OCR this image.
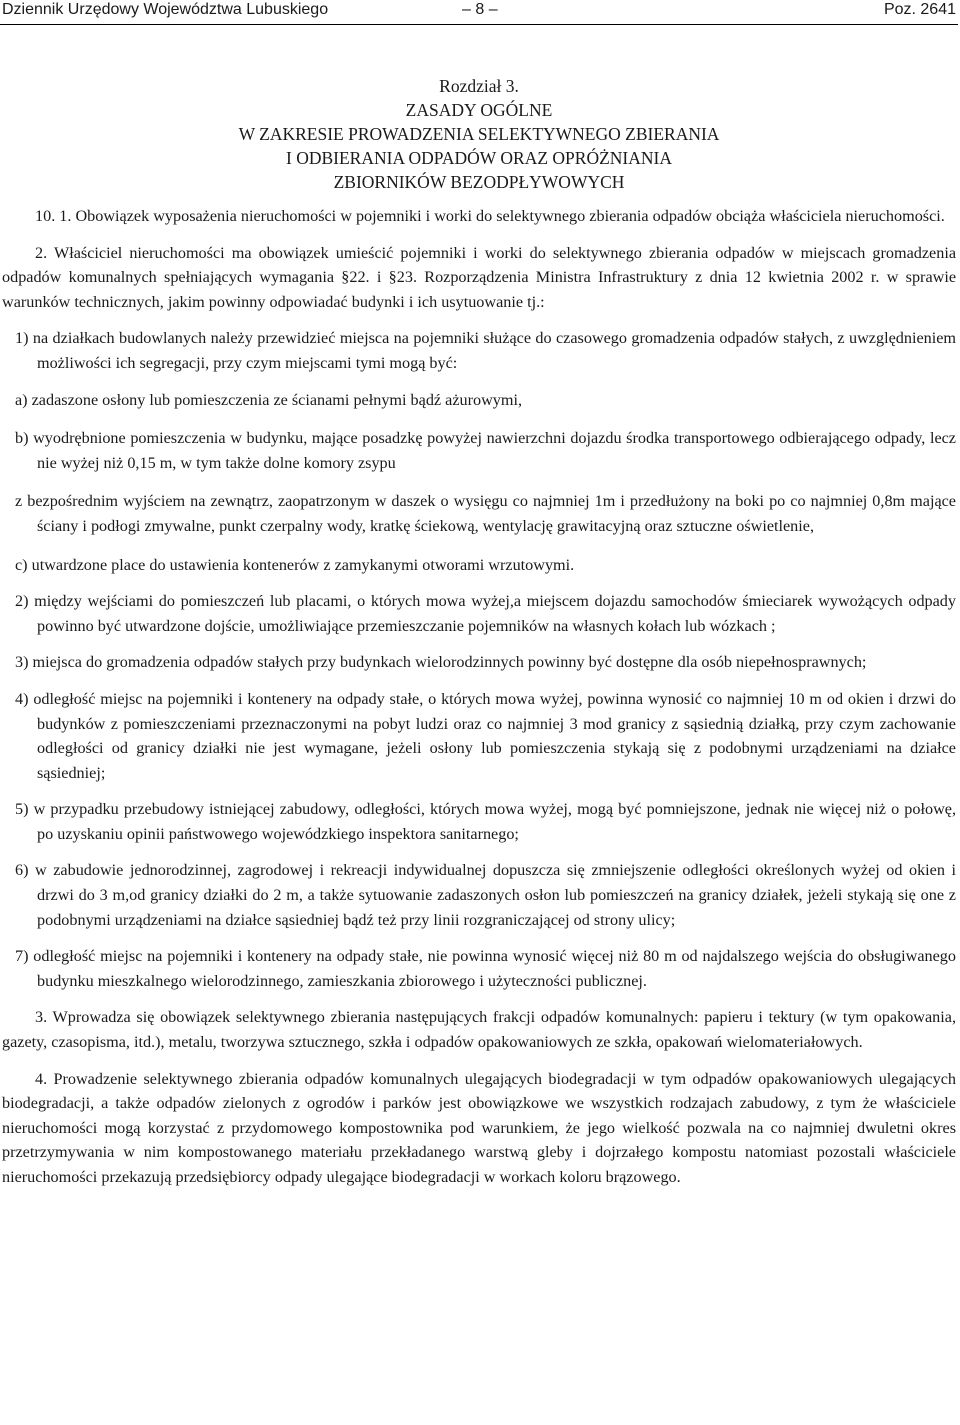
Dziennik Urzędowy Województwa Lubuskiego	– 8 –	Poz. 2641
Rozdział 3.
ZASADY OGÓLNE
W ZAKRESIE PROWADZENIA SELEKTYWNEGO ZBIERANIA
I ODBIERANIA ODPADÓW ORAZ OPRÓŻNIANIA
ZBIORNIKÓW BEZODPŁYWOWYCH

10. 1. Obowiązek wyposażenia nieruchomości w pojemniki i worki do selektywnego zbierania odpadów obciąża właściciela nieruchomości.

2. Właściciel nieruchomości ma obowiązek umieścić pojemniki i worki do selektywnego zbierania odpadów w miejscach gromadzenia odpadów komunalnych spełniających wymagania §22. i §23. Rozporządzenia Ministra Infrastruktury z dnia 12 kwietnia 2002 r. w sprawie warunków technicznych, jakim powinny odpowiadać budynki i ich usytuowanie tj.:

1) na działkach budowlanych należy przewidzieć miejsca na pojemniki służące do czasowego gromadzenia odpadów stałych, z uwzględnieniem możliwości ich segregacji, przy czym miejscami tymi mogą być:

a) zadaszone osłony lub pomieszczenia ze ścianami pełnymi bądź ażurowymi,

b) wyodrębnione pomieszczenia w budynku, mające posadzkę powyżej nawierzchni dojazdu środka transportowego odbierającego odpady, lecz nie wyżej niż 0,15 m, w tym także dolne komory zsypu

z bezpośrednim wyjściem na zewnątrz, zaopatrzonym w daszek o wysięgu co najmniej 1m i przedłużony na boki po co najmniej 0,8m mające ściany i podłogi zmywalne, punkt czerpalny wody, kratkę ściekową, wentylację grawitacyjną oraz sztuczne oświetlenie,

c) utwardzone place do ustawienia kontenerów z zamykanymi otworami wrzutowymi.

2) między wejściami do pomieszczeń lub placami, o których mowa wyżej,a miejscem dojazdu samochodów śmieciarek wywożących odpady powinno być utwardzone dojście, umożliwiające przemieszczanie pojemników na własnych kołach lub wózkach ;

3) miejsca do gromadzenia odpadów stałych przy budynkach wielorodzinnych powinny być dostępne dla osób niepełnosprawnych;

4) odległość miejsc na pojemniki i kontenery na odpady stałe, o których mowa wyżej, powinna wynosić co najmniej 10 m od okien i drzwi do budynków z pomieszczeniami przeznaczonymi na pobyt ludzi oraz co najmniej 3 mod granicy z sąsiednią działką, przy czym zachowanie odległości od granicy działki nie jest wymagane, jeżeli osłony lub pomieszczenia stykają się z podobnymi urządzeniami na działce sąsiedniej;

5) w przypadku przebudowy istniejącej zabudowy, odległości, których mowa wyżej, mogą być pomniejszone, jednak nie więcej niż o połowę, po uzyskaniu opinii państwowego wojewódzkiego inspektora sanitarnego;

6) w zabudowie jednorodzinnej, zagrodowej i rekreacji indywidualnej dopuszcza się zmniejszenie odległości określonych wyżej od okien i drzwi do 3 m,od granicy działki do 2 m, a także sytuowanie zadaszonych osłon lub pomieszczeń na granicy działek, jeżeli stykają się one z podobnymi urządzeniami na działce sąsiedniej bądź też przy linii rozgraniczającej od strony ulicy;

7) odległość miejsc na pojemniki i kontenery na odpady stałe, nie powinna wynosić więcej niż 80 m od najdalszego wejścia do obsługiwanego budynku mieszkalnego wielorodzinnego, zamieszkania zbiorowego i użyteczności publicznej.

3. Wprowadza się obowiązek selektywnego zbierania następujących frakcji odpadów komunalnych: papieru i tektury (w tym opakowania, gazety, czasopisma, itd.), metalu, tworzywa sztucznego, szkła i odpadów opakowaniowych ze szkła, opakowań wielomateriałowych.

4. Prowadzenie selektywnego zbierania odpadów komunalnych ulegających biodegradacji w tym odpadów opakowaniowych ulegających biodegradacji, a także odpadów zielonych z ogrodów i parków jest obowiązkowe we wszystkich rodzajach zabudowy, z tym że właściciele nieruchomości mogą korzystać z przydomowego kompostownika pod warunkiem, że jego wielkość pozwala na co najmniej dwuletni okres przetrzymywania w nim kompostowanego materiału przekładanego warstwą gleby i dojrzałego kompostu natomiast pozostali właściciele nieruchomości przekazują przedsiębiorcy odpady ulegające biodegradacji w workach koloru brązowego.
